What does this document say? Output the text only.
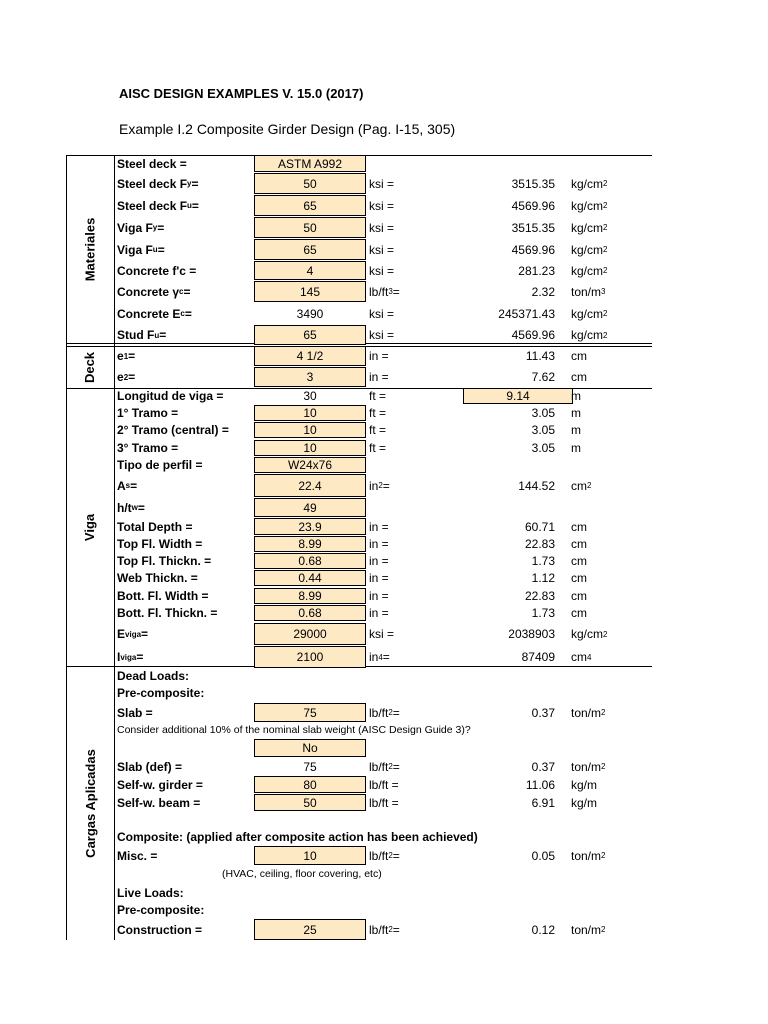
AISC DESIGN EXAMPLES V. 15.0 (2017)
Example I.2 Composite Girder Design (Pag. I-15, 305)
Materiales
Deck
Viga
Cargas Aplicadas
Steel deck =	ASTM A992
Steel deck F y =	50	ksi =	3515.35 kg/cm 2
Steel deck F u =	65	ksi =	4569.96 kg/cm 2
Viga F y =	50	ksi =	3515.35 kg/cm 2
Viga F u =	65	ksi =	4569.96 kg/cm 2
Concrete f'c =	4	ksi =	281.23 kg/cm 2
Concrete γ c =	145	lb/ft 3 =	2.32 ton/m 3
Concrete E c =	3490	ksi =	245371.43 kg/cm 2
Stud F u =	65	ksi =	4569.96 kg/cm 2
e 1 =	4 1/2	in =	11.43 cm
e 2 =	3	in =	7.62 cm
Longitud de viga =	30	ft =	9.14	m
1° Tramo =	10	ft =	3.05 m
2° Tramo (central) =	10	ft =	3.05 m
3° Tramo =	10	ft =	3.05 m
Tipo de perfil =	W24x76
A s =	22.4	in 2 =	144.52 cm 2
h/t w =	49
Total Depth =	23.9	in =	60.71 cm
Top Fl. Width =	8.99	in =	22.83 cm
Top Fl. Thickn. =	0.68	in =	1.73 cm
Web Thickn. =	0.44	in =	1.12 cm
Bott. Fl. Width =	8.99	in =	22.83 cm
Bott. Fl. Thickn. =	0.68	in =	1.73 cm
E viga =	29000	ksi =	2038903 kg/cm 2
I viga =	2100	in 4 =	87409 cm 4
Dead Loads:
Pre-composite:
Slab =	75	lb/ft 2 =	0.37 ton/m 2
Consider additional 10% of the nominal slab weight (AISC Design Guide 3)?
No
Slab (def) =	75	lb/ft 2 =	0.37 ton/m 2
Self-w. girder =	80	lb/ft =	11.06 kg/m
Self-w. beam =	50	lb/ft =	6.91 kg/m
Composite: (applied after composite action has been achieved)
Misc. =	10	lb/ft 2 =	0.05 ton/m 2
(HVAC, ceiling, floor covering, etc)
Live Loads:
Pre-composite:
Construction =	25	lb/ft 2 =	0.12 ton/m 2
